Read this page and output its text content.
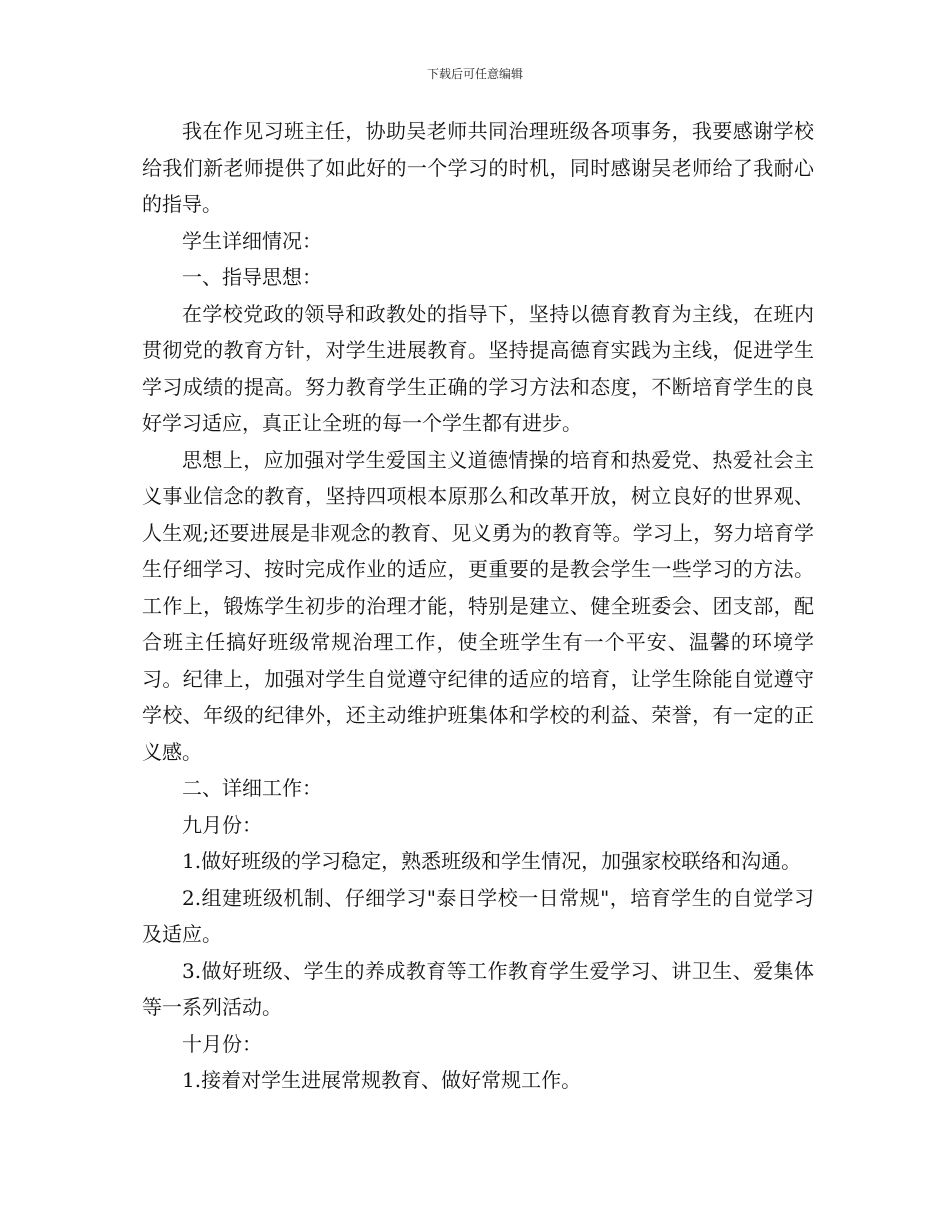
下载后可任意编辑

我在作见习班主任，协助吴老师共同治理班级各项事务，我要感谢学校给我们新老师提供了如此好的一个学习的时机，同时感谢吴老师给了我耐心的指导。

学生详细情况：

一、指导思想：

在学校党政的领导和政教处的指导下，坚持以德育教育为主线，在班内贯彻党的教育方针，对学生进展教育。坚持提高德育实践为主线，促进学生学习成绩的提高。努力教育学生正确的学习方法和态度，不断培育学生的良好学习适应，真正让全班的每一个学生都有进步。

思想上，应加强对学生爱国主义道德情操的培育和热爱党、热爱社会主义事业信念的教育，坚持四项根本原那么和改革开放，树立良好的世界观、人生观;还要进展是非观念的教育、见义勇为的教育等。学习上，努力培育学生仔细学习、按时完成作业的适应，更重要的是教会学生一些学习的方法。工作上，锻炼学生初步的治理才能，特别是建立、健全班委会、团支部，配合班主任搞好班级常规治理工作，使全班学生有一个平安、温馨的环境学习。纪律上，加强对学生自觉遵守纪律的适应的培育，让学生除能自觉遵守学校、年级的纪律外，还主动维护班集体和学校的利益、荣誉，有一定的正义感。

二、详细工作：

九月份：

1.做好班级的学习稳定，熟悉班级和学生情况，加强家校联络和沟通。

2.组建班级机制、仔细学习"泰日学校一日常规"，培育学生的自觉学习及适应。

3.做好班级、学生的养成教育等工作教育学生爱学习、讲卫生、爱集体等一系列活动。

十月份：

1.接着对学生进展常规教育、做好常规工作。
